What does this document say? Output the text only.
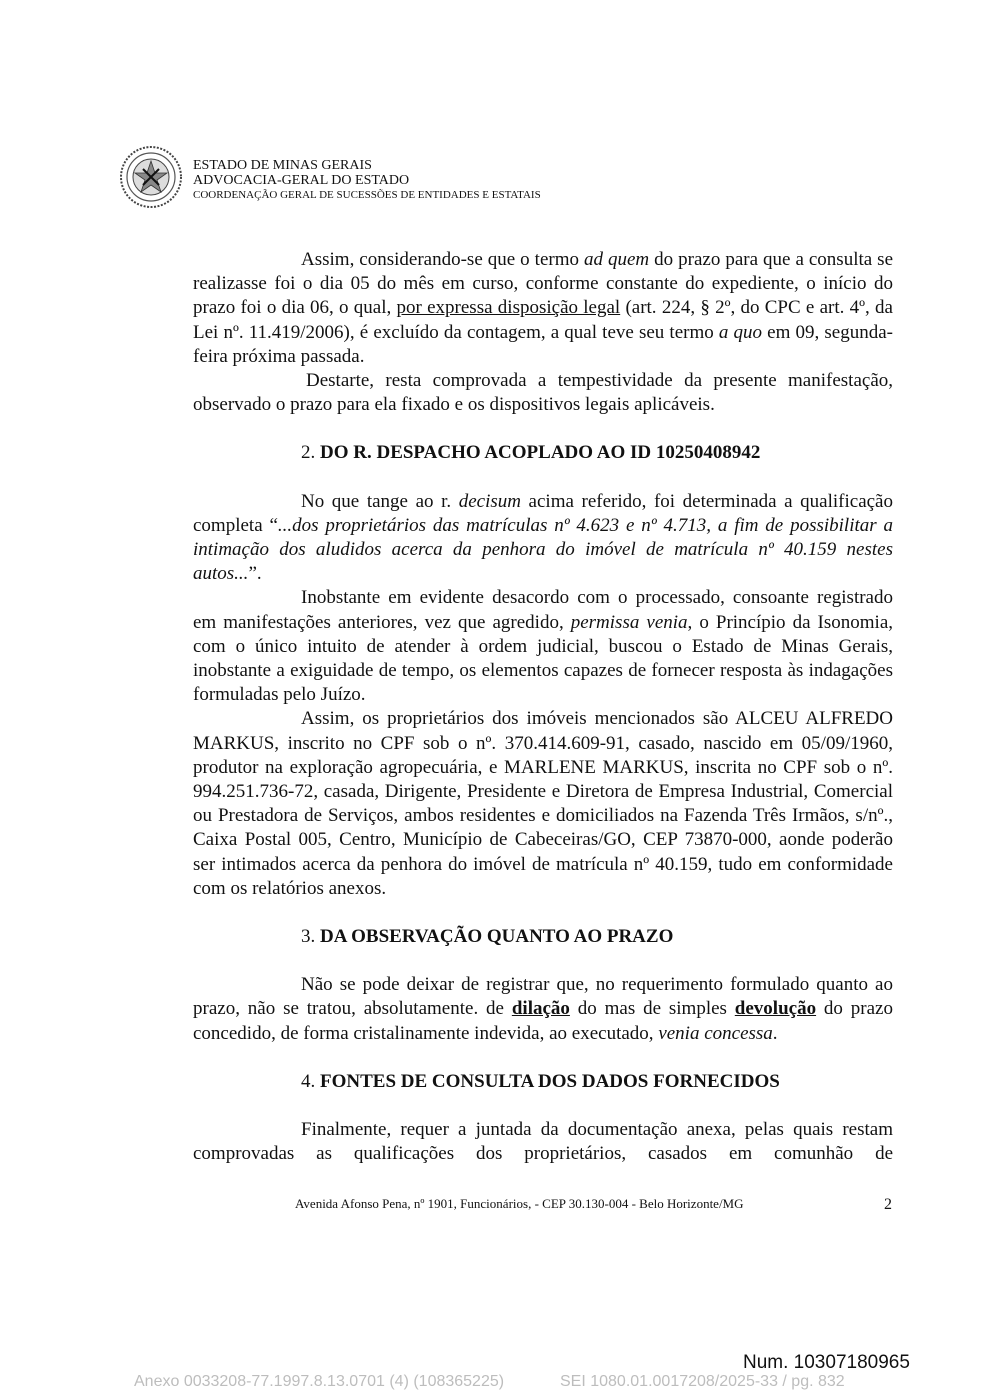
ESTADO DE MINAS GERAIS
ADVOCACIA-GERAL DO ESTADO
COORDENAÇÃO GERAL DE SUCESSÕES DE ENTIDADES E ESTATAIS

Assim, considerando-se que o termo ad quem do prazo para que a consulta se realizasse foi o dia 05 do mês em curso, conforme constante do expediente, o início do prazo foi o dia 06, o qual, por expressa disposição legal (art. 224, § 2º, do CPC e art. 4º, da Lei nº. 11.419/2006), é excluído da contagem, a qual teve seu termo a quo em 09, segunda-feira próxima passada.

Destarte, resta comprovada a tempestividade da presente manifestação, observado o prazo para ela fixado e os dispositivos legais aplicáveis.

2. DO R. DESPACHO ACOPLADO AO ID 10250408942

No que tange ao r. decisum acima referido, foi determinada a qualificação completa “...dos proprietários das matrículas nº 4.623 e nº 4.713, a fim de possibilitar a intimação dos aludidos acerca da penhora do imóvel de matrícula nº 40.159 nestes autos...”.

Inobstante em evidente desacordo com o processado, consoante registrado em manifestações anteriores, vez que agredido, permissa venia, o Princípio da Isonomia, com o único intuito de atender à ordem judicial, buscou o Estado de Minas Gerais, inobstante a exiguidade de tempo, os elementos capazes de fornecer resposta às indagações formuladas pelo Juízo.

Assim, os proprietários dos imóveis mencionados são ALCEU ALFREDO MARKUS, inscrito no CPF sob o nº. 370.414.609-91, casado, nascido em 05/09/1960, produtor na exploração agropecuária, e MARLENE MARKUS, inscrita no CPF sob o nº. 994.251.736-72, casada, Dirigente, Presidente e Diretora de Empresa Industrial, Comercial ou Prestadora de Serviços, ambos residentes e domiciliados na Fazenda Três Irmãos, s/nº., Caixa Postal 005, Centro, Município de Cabeceiras/GO, CEP 73870-000, aonde poderão ser intimados acerca da penhora do imóvel de matrícula nº 40.159, tudo em conformidade com os relatórios anexos.

3. DA OBSERVAÇÃO QUANTO AO PRAZO

Não se pode deixar de registrar que, no requerimento formulado quanto ao prazo, não se tratou, absolutamente. de dilação do mas de simples devolução do prazo concedido, de forma cristalinamente indevida, ao executado, venia concessa.

4. FONTES DE CONSULTA DOS DADOS FORNECIDOS

Finalmente, requer a juntada da documentação anexa, pelas quais restam comprovadas as qualificações dos proprietários, casados em comunhão de

Avenida Afonso Pena, nº 1901, Funcionários, - CEP 30.130-004 - Belo Horizonte/MG	2
Num. 10307180965
Anexo 0033208-77.1997.8.13.0701 (4) (108365225)	SEI 1080.01.0017208/2025-33 / pg. 832
